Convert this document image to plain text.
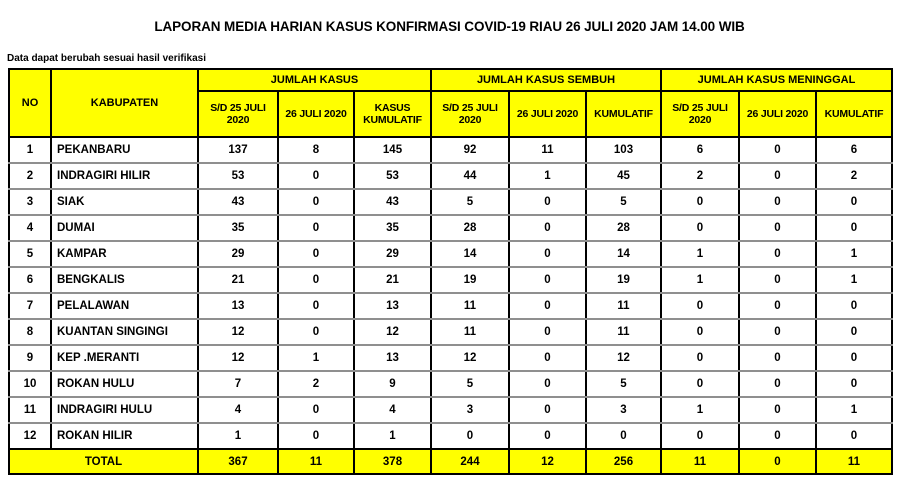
LAPORAN MEDIA HARIAN KASUS KONFIRMASI COVID-19 RIAU 26 JULI 2020 JAM 14.00 WIB
Data dapat berubah sesuai hasil verifikasi
NO	KABUPATEN	JUMLAH KASUS			JUMLAH KASUS SEMBUH			JUMLAH KASUS MENINGGAL		
		S/D 25 JULI 2020	26 JULI 2020	KASUS KUMULATIF	S/D 25 JULI 2020	26 JULI 2020	KUMULATIF	S/D 25 JULI 2020	26 JULI 2020	KUMULATIF
1	PEKANBARU	137	8	145	92	11	103	6	0	6
2	INDRAGIRI HILIR	53	0	53	44	1	45	2	0	2
3	SIAK	43	0	43	5	0	5	0	0	0
4	DUMAI	35	0	35	28	0	28	0	0	0
5	KAMPAR	29	0	29	14	0	14	1	0	1
6	BENGKALIS	21	0	21	19	0	19	1	0	1
7	PELALAWAN	13	0	13	11	0	11	0	0	0
8	KUANTAN SINGINGI	12	0	12	11	0	11	0	0	0
9	KEP .MERANTI	12	1	13	12	0	12	0	0	0
10	ROKAN HULU	7	2	9	5	0	5	0	0	0
11	INDRAGIRI HULU	4	0	4	3	0	3	1	0	1
12	ROKAN HILIR	1	0	1	0	0	0	0	0	0
TOTAL		367	11	378	244	12	256	11	0	11
